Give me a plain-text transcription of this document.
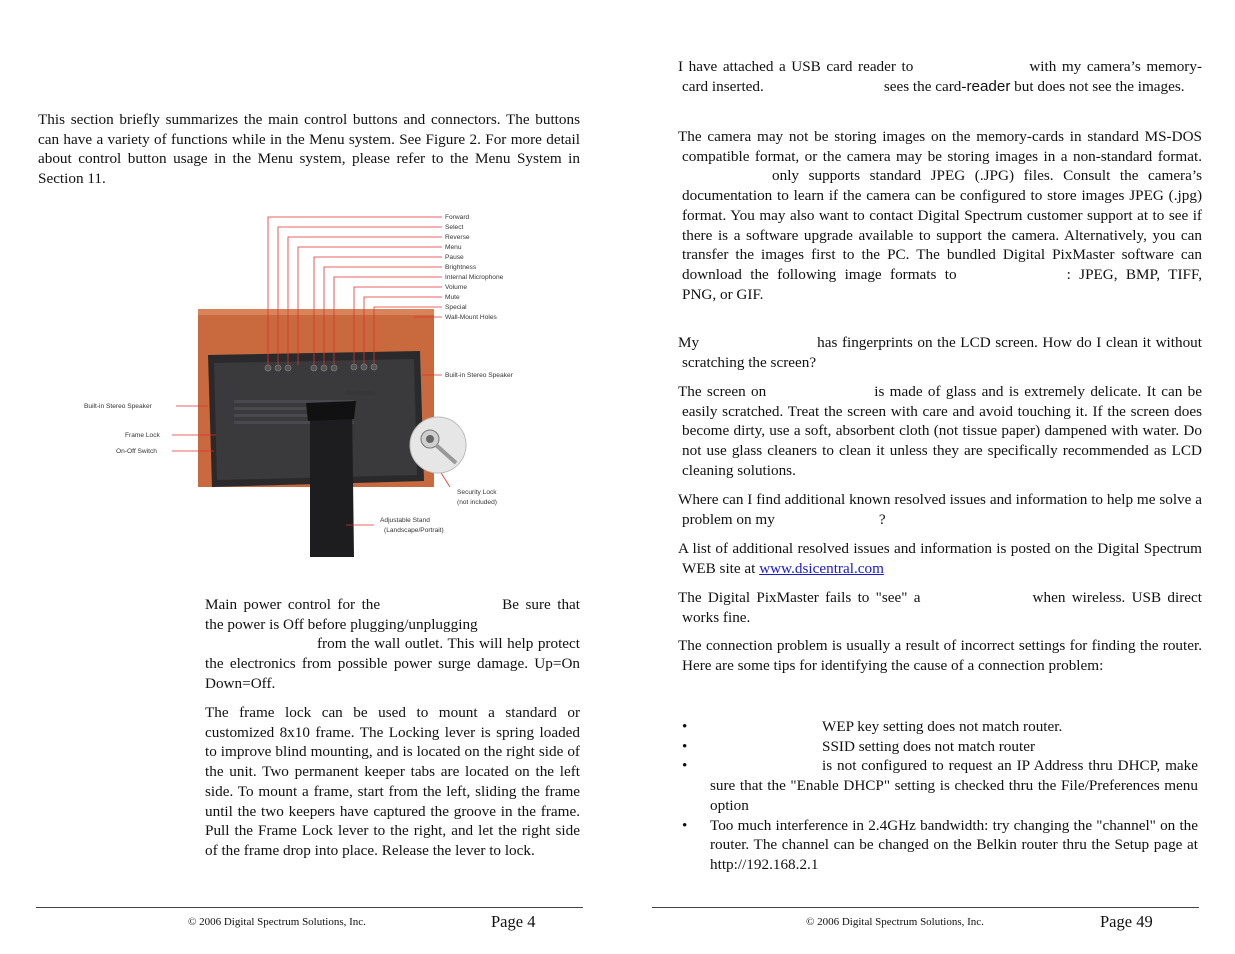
This section briefly summarizes the main control buttons and connectors. The buttons can have a variety of functions while in the Menu system. See Figure 2. For more detail about control button usage in the Menu system, please refer to the Menu System in Section 11.

Pixmaster
Forward
Select
Reverse
Menu
Pause
Brightness
Internal Microphone
Volume
Mute
Special
Wall-Mount Holes
Built-in Stereo Speaker
Built-in Stereo Speaker
Frame Lock
On-Off Switch
Security Lock
(not included)
Adjustable Stand
(Landscape/Portrait)

Main power control for the	Be sure that the power is Off before plugging/unplugging
from the wall outlet. This will help protect the electronics from possible power surge damage. Up=On Down=Off.

The frame lock can be used to mount a standard or customized 8x10 frame. The Locking lever is spring loaded to improve blind mounting, and is located on the right side of the unit. Two permanent keeper tabs are located on the left side. To mount a frame, start from the left, sliding the frame until the two keepers have captured the groove in the frame. Pull the Frame Lock lever to the right, and let the right side of the frame drop into place. Release the lever to lock.

© 2006 Digital Spectrum Solutions, Inc.	Page 4

I have attached a USB card reader to	with my camera’s memory-card inserted.	sees the card-reader but does not see the images.

The camera may not be storing images on the memory-cards in standard MS-DOS compatible format, or the camera may be storing images in a non-standard format.only supports standard JPEG (.JPG) files. Consult the camera’s documentation to learn if the camera can be configured to store images JPEG (.jpg) format. You may also want to contact Digital Spectrum customer support at to see if there is a software upgrade available to support the camera. Alternatively, you can transfer the images first to the PC. The bundled Digital PixMaster software can download the following image formats to	: JPEG, BMP, TIFF, PNG, or GIF.

My	has fingerprints on the LCD screen. How do I clean it without scratching the screen?

The screen on	is made of glass and is extremely delicate. It can be easily scratched. Treat the screen with care and avoid touching it. If the screen does become dirty, use a soft, absorbent cloth (not tissue paper) dampened with water. Do not use glass cleaners to clean it unless they are specifically recommended as LCD cleaning solutions.

Where can I find additional known resolved issues and information to help me solve a problem on my	?

A list of additional resolved issues and information is posted on the Digital Spectrum WEB site at www.dsicentral.com

The Digital PixMaster fails to "see" a	when wireless. USB direct works fine.

The connection problem is usually a result of incorrect settings for finding the router. Here are some tips for identifying the cause of a connection problem:

•	WEP key setting does not match router.
•	SSID setting does not match router
•	is not configured to request an IP Address thru DHCP, make sure that the "Enable DHCP" setting is checked thru the File/Preferences menu option
• Too much interference in 2.4GHz bandwidth: try changing the "channel" on the router. The channel can be changed on the Belkin router thru the Setup page at http://192.168.2.1
© 2006 Digital Spectrum Solutions, Inc.	Page 49
